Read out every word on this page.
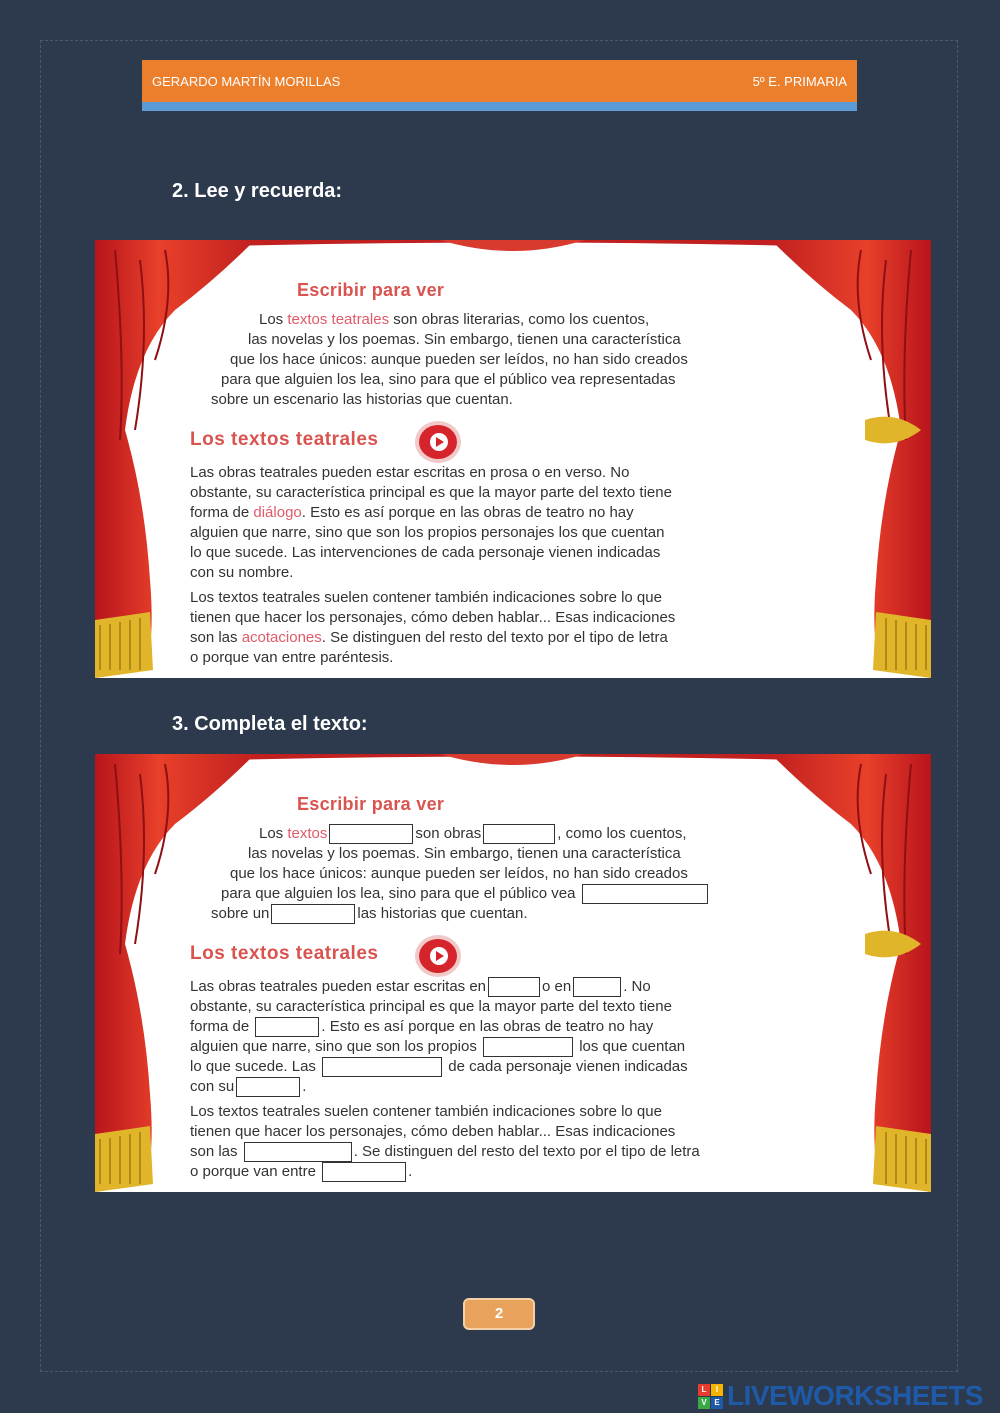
GERARDO MARTÍN MORILLAS	5º E. PRIMARIA
2. Lee y recuerda:
Escribir para ver
Los textos teatrales son obras literarias, como los cuentos,
las novelas y los poemas. Sin embargo, tienen una característica
que los hace únicos: aunque pueden ser leídos, no han sido creados
para que alguien los lea, sino para que el público vea representadas
sobre un escenario las historias que cuentan.
Los textos teatrales
Las obras teatrales pueden estar escritas en prosa o en verso. No
obstante, su característica principal es que la mayor parte del texto tiene
forma de diálogo. Esto es así porque en las obras de teatro no hay
alguien que narre, sino que son los propios personajes los que cuentan
lo que sucede. Las intervenciones de cada personaje vienen indicadas
con su nombre.
Los textos teatrales suelen contener también indicaciones sobre lo que
tienen que hacer los personajes, cómo deben hablar... Esas indicaciones
son las acotaciones. Se distinguen del resto del texto por el tipo de letra
o porque van entre paréntesis.
3. Completa el texto:
Escribir para ver
Los textos	son obras	, como los cuentos,
las novelas y los poemas. Sin embargo, tienen una característica
que los hace únicos: aunque pueden ser leídos, no han sido creados
para que alguien los lea, sino para que el público vea
sobre un	las historias que cuentan.
Los textos teatrales
Las obras teatrales pueden estar escritas en	o en	. No
obstante, su característica principal es que la mayor parte del texto tiene
forma de	. Esto es así porque en las obras de teatro no hay
alguien que narre, sino que son los propios	los que cuentan
lo que sucede. Las	de cada personaje vienen indicadas
con su	.
Los textos teatrales suelen contener también indicaciones sobre lo que
tienen que hacer los personajes, cómo deben hablar... Esas indicaciones
son las	. Se distinguen del resto del texto por el tipo de letra
o porque van entre	.
2
L	I
V E LIVEWORKSHEETS
